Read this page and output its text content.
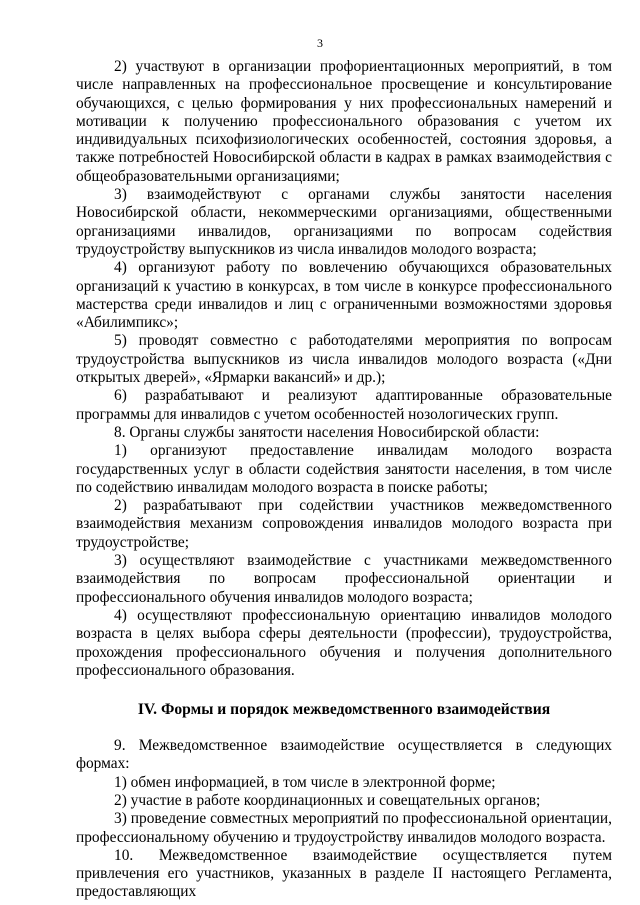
3

2) участвуют в организации профориентационных мероприятий, в том числе направленных на профессиональное просвещение и консультирование обучающихся, с целью формирования у них профессиональных намерений и мотивации к получению профессионального образования с учетом их индивидуальных психофизиологических особенностей, состояния здоровья, а также потребностей Новосибирской области в кадрах в рамках взаимодействия с общеобразовательными организациями;

3) взаимодействуют с органами службы занятости населения Новосибирской области, некоммерческими организациями, общественными организациями инвалидов, организациями по вопросам содействия трудоустройству выпускников из числа инвалидов молодого возраста;

4) организуют работу по вовлечению обучающихся образовательных организаций к участию в конкурсах, в том числе в конкурсе профессионального мастерства среди инвалидов и лиц с ограниченными возможностями здоровья «Абилимпикс»;

5) проводят совместно с работодателями мероприятия по вопросам трудоустройства выпускников из числа инвалидов молодого возраста («Дни открытых дверей», «Ярмарки вакансий» и др.);

6) разрабатывают и реализуют адаптированные образовательные программы для инвалидов с учетом особенностей нозологических групп.

8. Органы службы занятости населения Новосибирской области:

1) организуют предоставление инвалидам молодого возраста государственных услуг в области содействия занятости населения, в том числе по содействию инвалидам молодого возраста в поиске работы;

2) разрабатывают при содействии участников межведомственного взаимодействия механизм сопровождения инвалидов молодого возраста при трудоустройстве;

3) осуществляют взаимодействие с участниками межведомственного взаимодействия по вопросам профессиональной ориентации и профессионального обучения инвалидов молодого возраста;

4) осуществляют профессиональную ориентацию инвалидов молодого возраста в целях выбора сферы деятельности (профессии), трудоустройства, прохождения профессионального обучения и получения дополнительного профессионального образования.

IV. Формы и порядок межведомственного взаимодействия

9. Межведомственное взаимодействие осуществляется в следующих формах:

1) обмен информацией, в том числе в электронной форме;

2) участие в работе координационных и совещательных органов;

3) проведение совместных мероприятий по профессиональной ориентации, профессиональному обучению и трудоустройству инвалидов молодого возраста.

10. Межведомственное взаимодействие осуществляется путем привлечения его участников, указанных в разделе II настоящего Регламента, предоставляющих
